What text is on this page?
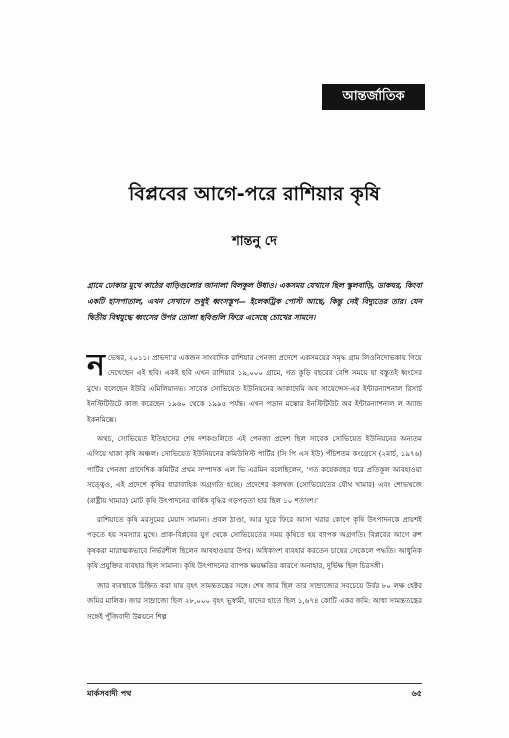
আন্তর্জাতিক
বিপ্লবের আগে-পরে রাশিয়ার কৃষি
শান্তনু দে

গ্রামে ঢোকার মুখে কাঠের বাড়িগুলোর জানালা বিলকুল উধাও। একসময় যেখানে ছিল স্কুলবাড়ি, ডাকঘর, কিংবা একটি হাসপাতাল, এখন সেখানে শুধুই ধ্বংসস্তূপ— ইলেকট্রিক পোস্ট আছে, কিন্তু নেই বিদ্যুতের তার। যেন দ্বিতীয় বিশ্বযুদ্ধে ধ্বংসের উপর তোলা ছবিগুলি ফিরে এসেছে চোখের সামনে।

নভেম্বর, ২০১১। প্রাভদা’র একজন সাংবাদিক রাশিয়ার পেনজা প্রদেশে একসময়ের সমৃদ্ধ গ্রাম লিওনিদোভকায় গিয়ে দেখেছেন এই ছবি। একই ছবি এখন রাশিয়ার ১৯,০০০ গ্রামে, গত কুড়ি বছরের বেশি সময়ে যা বস্তুতই ধ্বংসের মুখে। বলেছেন ইউরি এমিলিয়ানভ। সাবেক সোভিয়েত ইউনিয়নের আকাদেমি অব সায়েন্সেস-এর ইন্টারন্যাশনাল রিসার্চ ইনস্টিটিউটে কাজ করেছেন ১৯৬০ থেকে ১৯৯৫ পর্যন্ত। এখন পড়ান মস্কোর ইনস্টিটিউট অব ইন্টারন্যাশনাল ল অ্যান্ড ইকনমিক্সে।

অথচ, সোভিয়েত ইতিহাসের শেষ দশকগুলিতে এই পেনজা প্রদেশ ছিল সাবেক সোভিয়েত ইউনিয়নের অন্যতম এগিয়ে থাকা কৃষি অঞ্চল। সোভিয়েত ইউনিয়নের কমিউনিস্ট পার্টির (সি পি এস ইউ) পঁচিশতম কংগ্রেসে (২মার্চ, ১৯৭৬) পার্টির পেনজা প্রাদেশিক কমিটির প্রথম সম্পাদক এল ভি এরমিন বলেছিলেন, ‘গত কয়েকবছর ধরে প্রতিকূল আবহাওয়া সত্ত্বেও, এই প্রদেশে কৃষির ধারাবাহিক অগ্রগতি হচ্ছে। প্রদেশের কলখজ (সোভিয়েতের যৌথ খামার) এবং শোভখজে (রাষ্ট্রীয় খামার) মোট কৃষি উৎপাদনের বার্ষিক বৃদ্ধির গড়পড়তা হার ছিল ১০ শতাংশ।’

রাশিয়াতে কৃষি মরসুমের মেয়াদ সামান্য। প্রবল ঠাণ্ডা, আর ঘুরে ফিরে আসা খরার কোপে কৃষি উৎপাদনকে প্রায়শই পড়তে হয় সমস্যার মুখে। প্রাক-বিপ্লবের যুগ থেকে সোভিয়েতের সময় কৃষিতে হয় ব্যাপক অগ্রগতি। বিপ্লবের আগে রুশ কৃষকরা মারাত্মকভাবে নির্ভরশীল ছিলেন আবহাওয়ার উপর। অধিকাংশ ব্যবহার করতেন চাষের সেকেলে পদ্ধতি। আধুনিক কৃষি প্রযুক্তির ব্যবহার ছিল সামান্য। কৃষি উৎপাদনের ব্যাপক ক্ষয়ক্ষতির কারণে অনাহার, দুর্ভিক্ষ ছিল চিরসঙ্গী।

জার ব্যবস্থাকে চিহ্নিত করা যায় বৃহৎ সামন্ততন্ত্রের সঙ্গে। শেষ জার ছিল তার সাম্রাজ্যের সবচেয়ে উর্বর ৮০ লক্ষ হেক্টর জমির মালিক। জার সাম্রাজ্যে ছিল ২৮,০০০ বৃহৎ ভূস্বামী, যাদের হাতে ছিল ১,৬৭৪ কোটি একর জমি: আধা সামন্ততন্ত্রের সঙ্গেই পুঁজিবাদী উন্নয়নে শিল্প

মার্কসবাদী পথ	৬৫
